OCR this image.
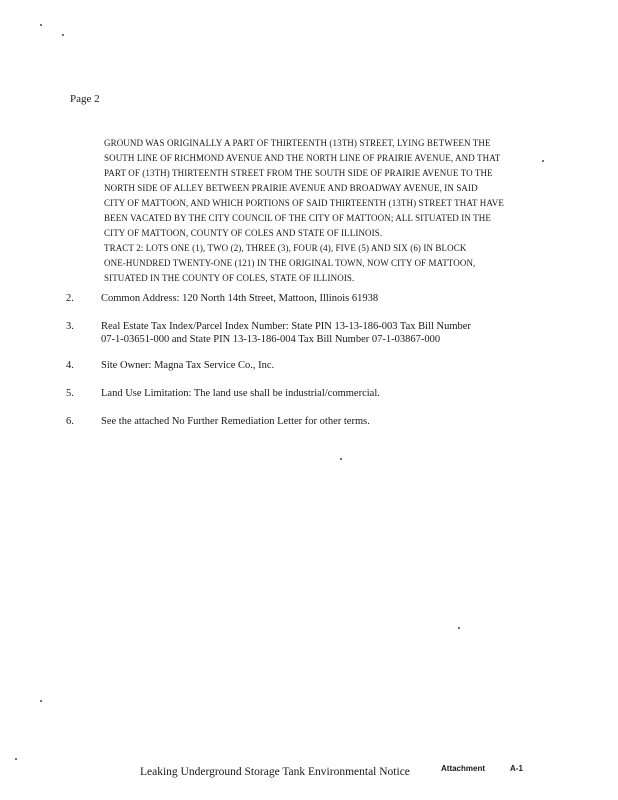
Page 2

GROUND WAS ORIGINALLY A PART OF THIRTEENTH (13TH) STREET, LYING BETWEEN THE

SOUTH LINE OF RICHMOND AVENUE AND THE NORTH LINE OF PRAIRIE AVENUE, AND THAT

PART OF (13TH) THIRTEENTH STREET FROM THE SOUTH SIDE OF PRAIRIE AVENUE TO THE

NORTH SIDE OF ALLEY BETWEEN PRAIRIE AVENUE AND BROADWAY AVENUE, IN SAID

CITY OF MATTOON, AND WHICH PORTIONS OF SAID THIRTEENTH (13TH) STREET THAT HAVE

BEEN VACATED BY THE CITY COUNCIL OF THE CITY OF MATTOON; ALL SITUATED IN THE

CITY OF MATTOON, COUNTY OF COLES AND STATE OF ILLINOIS.

TRACT 2: LOTS ONE (1), TWO (2), THREE (3), FOUR (4), FIVE (5) AND SIX (6) IN BLOCK

ONE-HUNDRED TWENTY-ONE (121) IN THE ORIGINAL TOWN, NOW CITY OF MATTOON,

SITUATED IN THE COUNTY OF COLES, STATE OF ILLINOIS.

2.	Common Address: 120 North 14th Street, Mattoon, Illinois 61938
3.	Real Estate Tax Index/Parcel Index Number: State PIN 13-13-186-003 Tax Bill Number
07-1-03651-000 and State PIN 13-13-186-004 Tax Bill Number 07-1-03867-000
4.	Site Owner: Magna Tax Service Co., Inc.
5.	Land Use Limitation: The land use shall be industrial/commercial.
6.	See the attached No Further Remediation Letter for other terms.
Leaking Underground Storage Tank Environmental Notice	Attachment	A-1
